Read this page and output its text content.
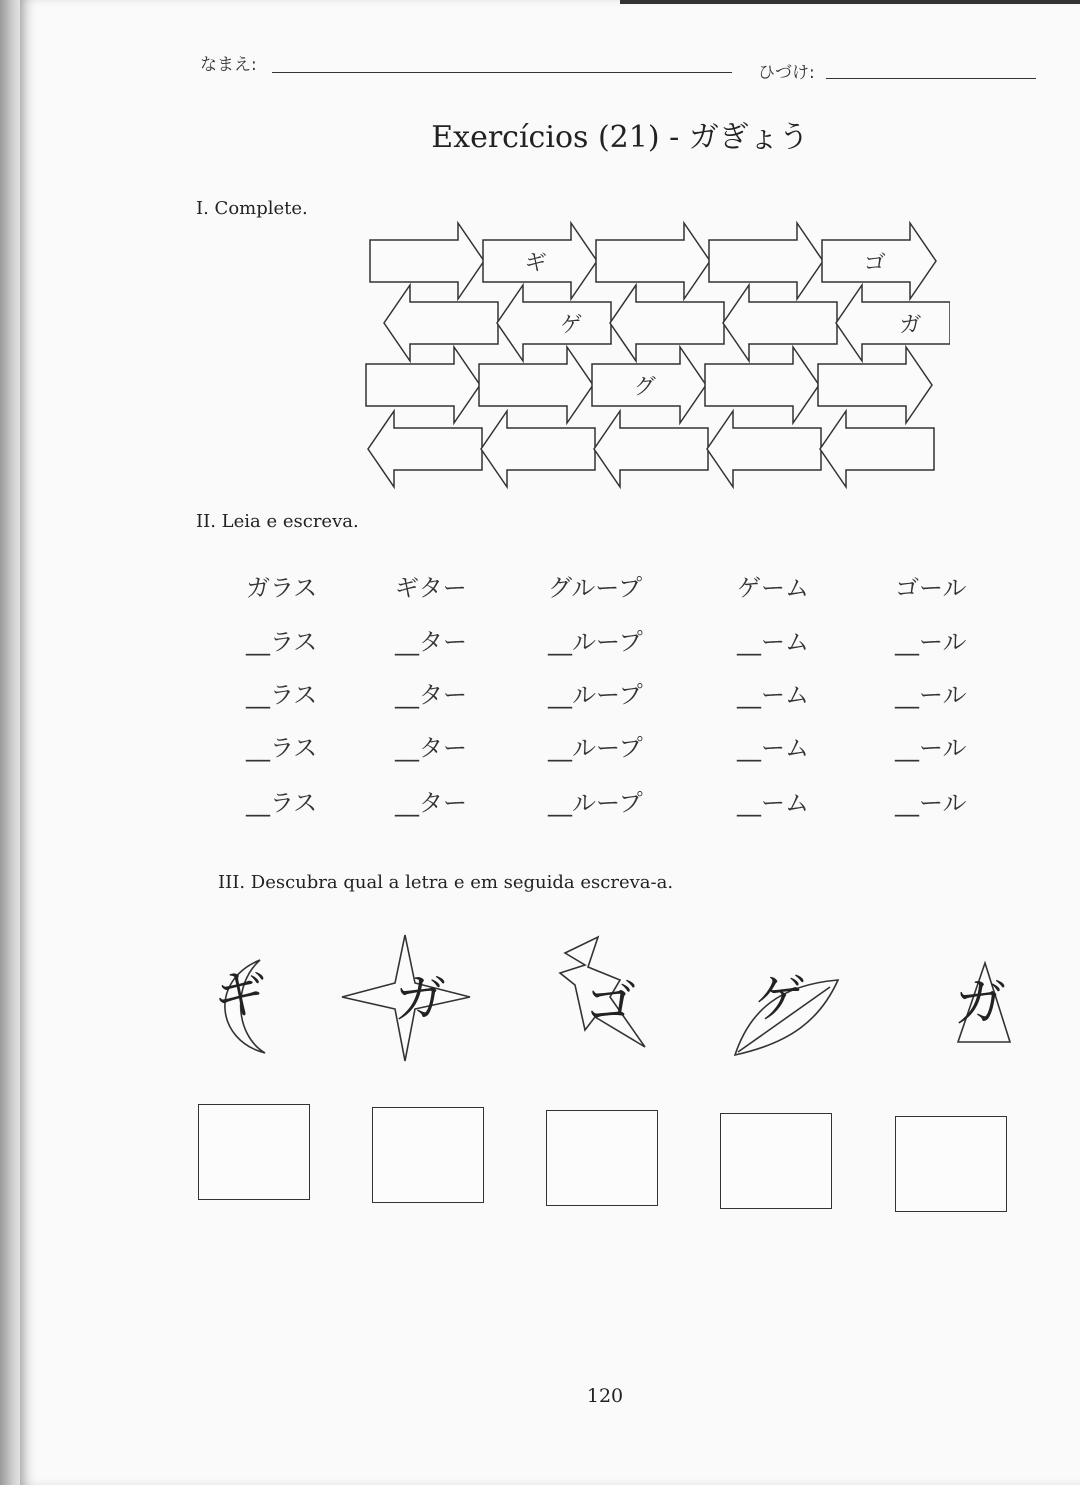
なまえ:	ひづけ:
Exercícios (21) - ガぎょう
I. Complete.
ギ	ゴ
ゲ	ガ
グ
II. Leia e escreva.
ガラス	ギター	グループ	ゲーム	ゴール
__ラス	__ター	__ループ	__ーム	__ール
__ラス	__ター	__ループ	__ーム	__ール
__ラス	__ター	__ループ	__ーム	__ール
__ラス	__ター	__ループ	__ーム	__ール
III. Descubra qual a letra e em seguida escreva-a.
ギ ガ	ゴ ゲ	ガ
120
